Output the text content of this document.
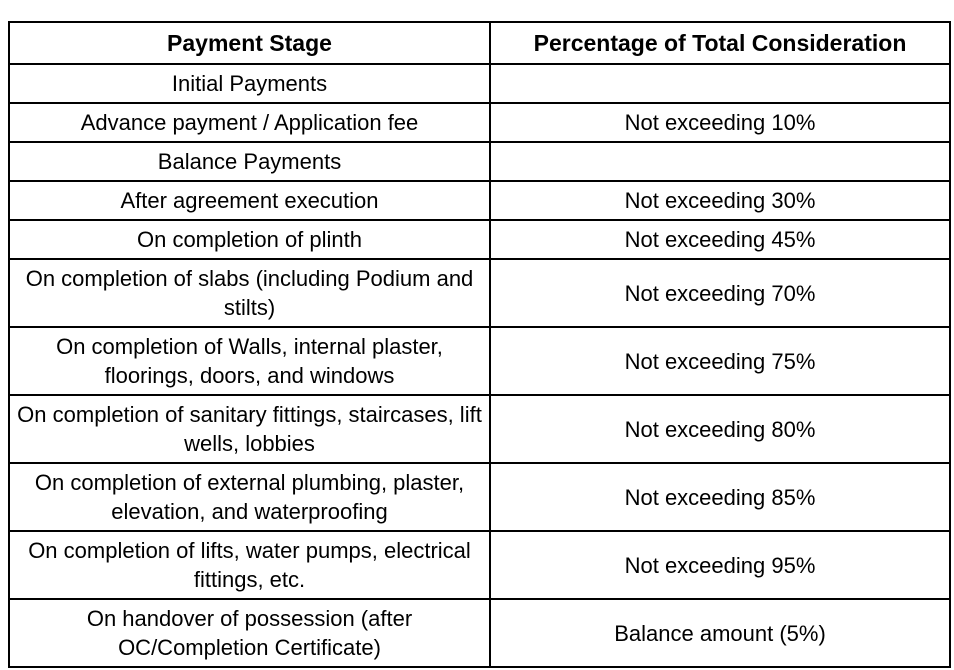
Payment Stage	Percentage of Total Consideration
Initial Payments	
Advance payment / Application fee	Not exceeding 10%
Balance Payments	
After agreement execution	Not exceeding 30%
On completion of plinth	Not exceeding 45%
On completion of slabs (including Podium and stilts)	Not exceeding 70%
On completion of Walls, internal plaster, floorings, doors, and windows	Not exceeding 75%
On completion of sanitary fittings, staircases, lift wells, lobbies	Not exceeding 80%
On completion of external plumbing, plaster, elevation, and waterproofing	Not exceeding 85%
On completion of lifts, water pumps, electrical fittings, etc.	Not exceeding 95%
On handover of possession (after OC/Completion Certificate)	Balance amount (5%)
